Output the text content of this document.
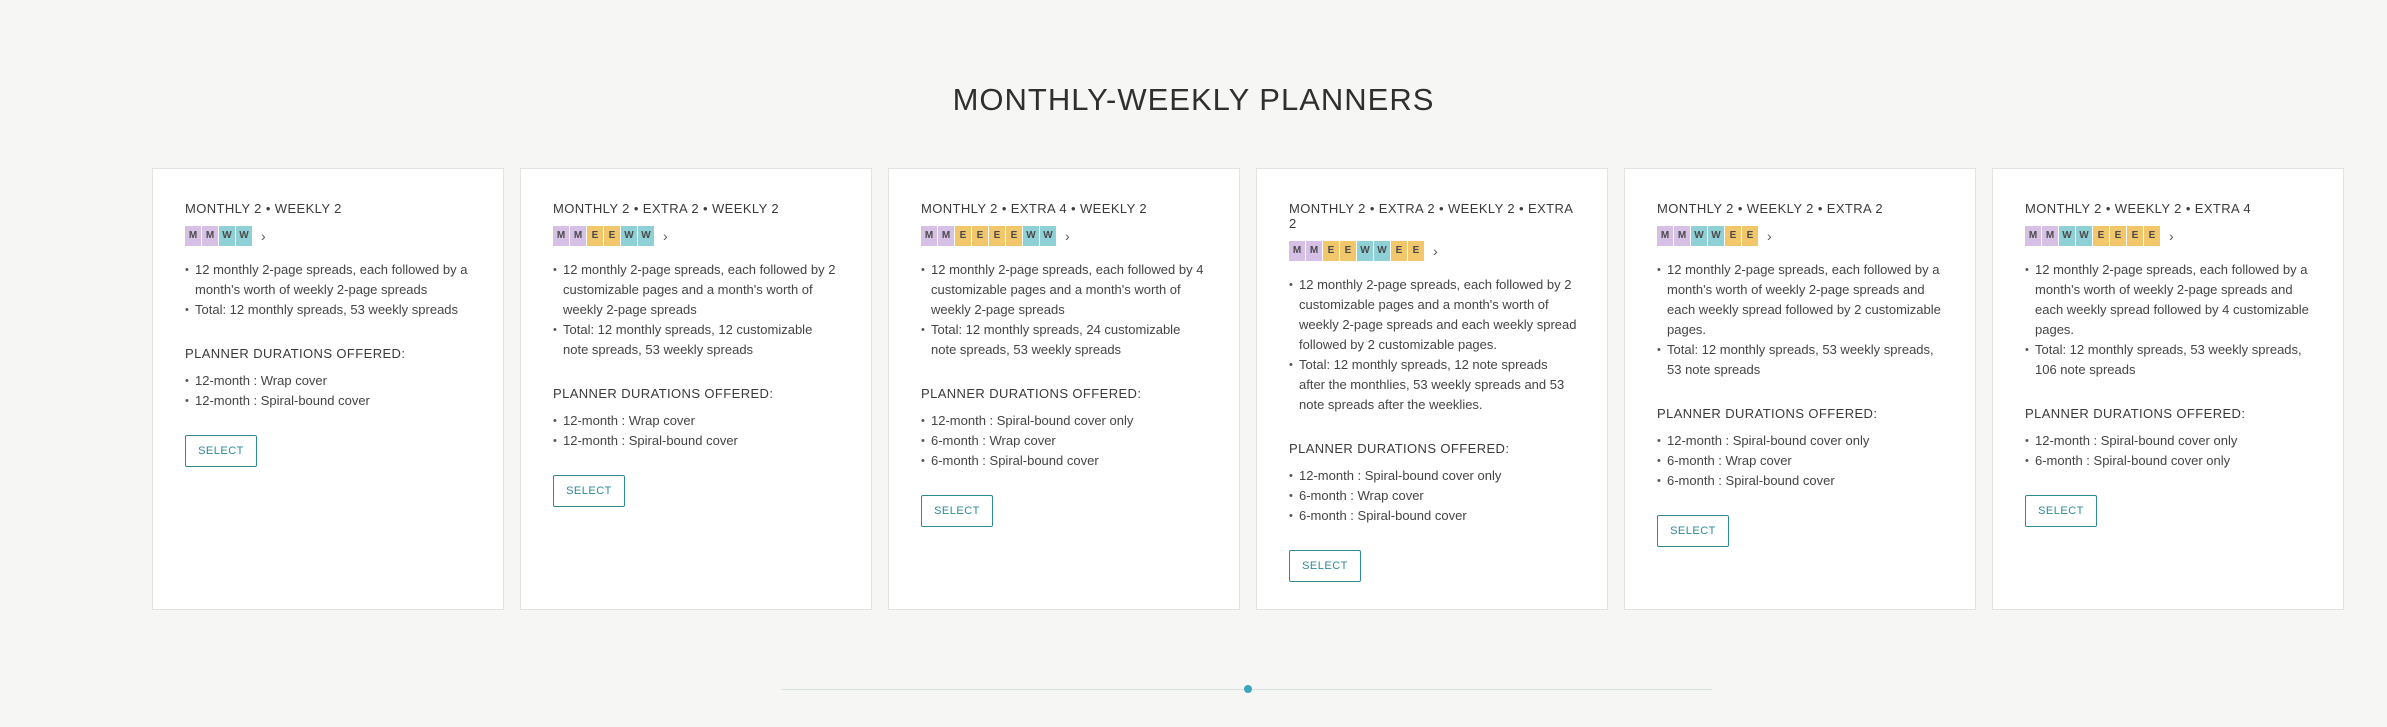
MONTHLY-WEEKLY PLANNERS
MONTHLY 2 • WEEKLY 2
M M W W ›
• 12 monthly 2-page spreads, each followed by a month's worth of weekly 2-page spreads
• Total: 12 monthly spreads, 53 weekly spreads
PLANNER DURATIONS OFFERED:
• 12-month : Wrap cover
• 12-month : Spiral-bound cover
SELECT
MONTHLY 2 • EXTRA 2 • WEEKLY 2
M M E	E W W ›
• 12 monthly 2-page spreads, each followed by 2 customizable pages and a month's worth of weekly 2-page spreads
• Total: 12 monthly spreads, 12 customizable note spreads, 53 weekly spreads
PLANNER DURATIONS OFFERED:
• 12-month : Wrap cover
• 12-month : Spiral-bound cover
SELECT
MONTHLY 2 • EXTRA 4 • WEEKLY 2
M M E	E	E	E W W ›
• 12 monthly 2-page spreads, each followed by 4 customizable pages and a month's worth of weekly 2-page spreads
• Total: 12 monthly spreads, 24 customizable note spreads, 53 weekly spreads
PLANNER DURATIONS OFFERED:
• 12-month : Spiral-bound cover only
• 6-month : Wrap cover
• 6-month : Spiral-bound cover
SELECT
MONTHLY 2 • EXTRA 2 • WEEKLY 2 • EXTRA 2
M M E	E W W E	E ›
• 12 monthly 2-page spreads, each followed by 2 customizable pages and a month's worth of weekly 2-page spreads and each weekly spread followed by 2 customizable pages.
• Total: 12 monthly spreads, 12 note spreads after the monthlies, 53 weekly spreads and 53 note spreads after the weeklies.
PLANNER DURATIONS OFFERED:
• 12-month : Spiral-bound cover only
• 6-month : Wrap cover
• 6-month : Spiral-bound cover
SELECT
MONTHLY 2 • WEEKLY 2 • EXTRA 2
M M W W E	E ›
• 12 monthly 2-page spreads, each followed by a month's worth of weekly 2-page spreads and each weekly spread followed by 2 customizable pages.
• Total: 12 monthly spreads, 53 weekly spreads, 53 note spreads
PLANNER DURATIONS OFFERED:
• 12-month : Spiral-bound cover only
• 6-month : Wrap cover
• 6-month : Spiral-bound cover
SELECT
MONTHLY 2 • WEEKLY 2 • EXTRA 4
M M W W E	E	E	E ›
• 12 monthly 2-page spreads, each followed by a month's worth of weekly 2-page spreads and each weekly spread followed by 4 customizable pages.
• Total: 12 monthly spreads, 53 weekly spreads, 106 note spreads
PLANNER DURATIONS OFFERED:
• 12-month : Spiral-bound cover only
• 6-month : Spiral-bound cover only
SELECT
